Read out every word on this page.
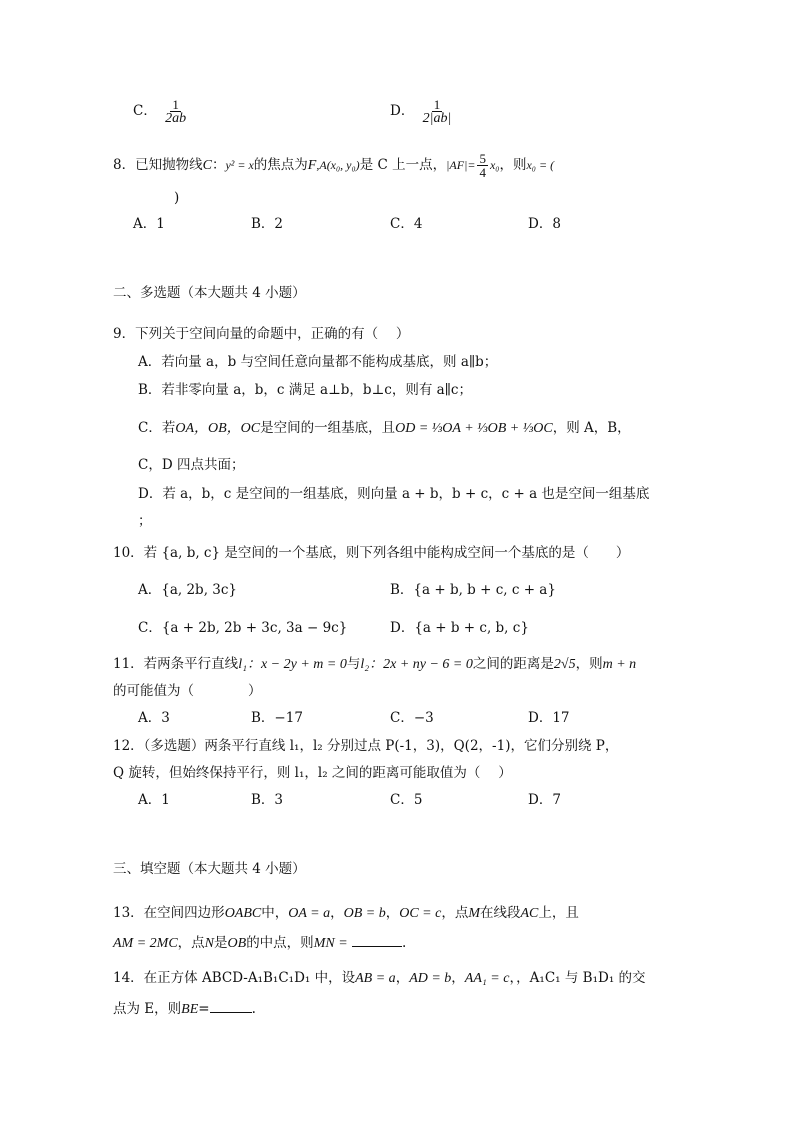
C． $\frac{1}{2ab}$	D． $\frac{1}{2|ab|}$
8．已知抛物线C：y² = x的焦点为F,A(x₀, y₀)是 C 上一点，$|AF|= \frac{5}{4} x_0$，则x₀ = (
)
A．1	B．2	C．4	D．8
二、多选题（本大题共 4 小题）
9．下列关于空间向量的命题中，正确的有（　 ）
A．若向量 a，b 与空间任意向量都不能构成基底，则 a∥b；
B．若非零向量 a，b，c 满足 a⊥b，b⊥c，则有 a∥c；
C．若OA，OB，OC是空间的一组基底，且OD = ⅓OA + ⅓OB + ⅓OC，则 A，B，
C，D 四点共面；
D．若 a，b，c 是空间的一组基底，则向量 a + b，b + c，c + a 也是空间一组基底
；
10．若 {a, b, c} 是空间的一个基底，则下列各组中能构成空间一个基底的是（　　）
A．{a, 2b, 3c}	B．{a + b, b + c, c + a}
C．{a + 2b, 2b + 3c, 3a − 9c}	D．{a + b + c, b, c}
11．若两条平行直线l₁：x − 2y + m = 0与l₂：2x + ny − 6 = 0之间的距离是2√5，则m + n
的可能值为（　　　　）
A．3	B．−17	C．−3	D．17
12．（多选题）两条平行直线 l₁，l₂ 分别过点 P(-1，3)，Q(2，-1)，它们分别绕 P，
Q 旋转，但始终保持平行，则 l₁，l₂ 之间的距离可能取值为（　 ）
A．1	B．3	C．5	D．7
三、填空题（本大题共 4 小题）
13．在空间四边形OABC中，OA = a，OB = b，OC = c，点M在线段AC上，且
AM = 2MC，点N是OB的中点，则MN =	.
14．在正方体 ABCD-A₁B₁C₁D₁ 中，设AB = a，AD = b，AA₁ = c，，A₁C₁ 与 B₁D₁ 的交
点为 E，则BE=	.
